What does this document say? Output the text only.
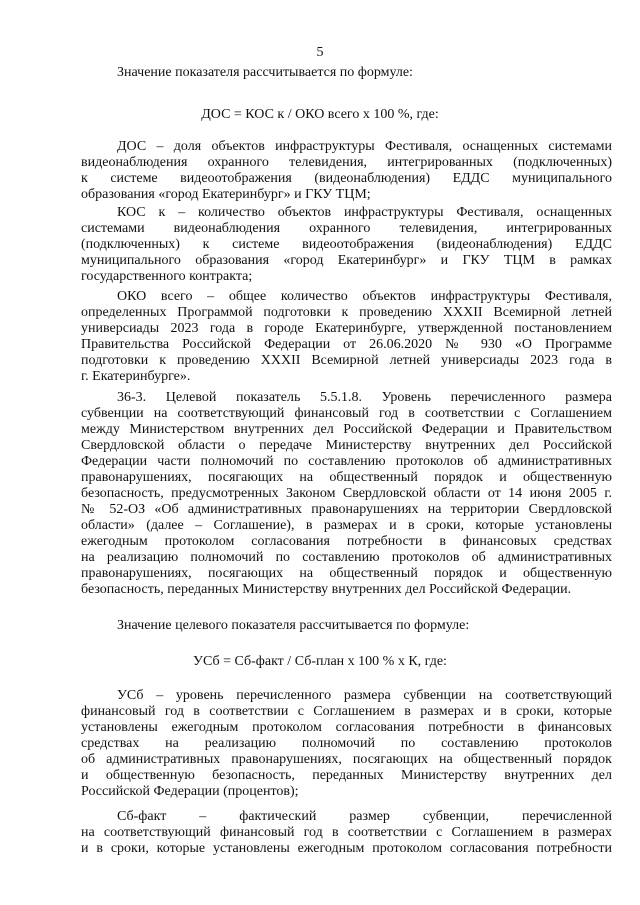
5
Значение показателя рассчитывается по формуле:
ДОС = КОС к / ОКО всего х 100 %, где:
ДОС – доля объектов инфраструктуры Фестиваля, оснащенных системами
видеонаблюдения охранного телевидения, интегрированных (подключенных)
к системе видеоотображения (видеонаблюдения) ЕДДС муниципального
образования «город Екатеринбург» и ГКУ ТЦМ;
КОС к – количество объектов инфраструктуры Фестиваля, оснащенных
системами видеонаблюдения охранного телевидения, интегрированных
(подключенных) к системе видеоотображения (видеонаблюдения) ЕДДС
муниципального образования «город Екатеринбург» и ГКУ ТЦМ в рамках
государственного контракта;
ОКО всего – общее количество объектов инфраструктуры Фестиваля,
определенных Программой подготовки к проведению XXXII Всемирной летней
универсиады 2023 года в городе Екатеринбурге, утвержденной постановлением
Правительства Российской Федерации от 26.06.2020 № 930 «О Программе
подготовки к проведению XXXII Всемирной летней универсиады 2023 года в
г. Екатеринбурге».
36-3. Целевой показатель 5.5.1.8. Уровень перечисленного размера
субвенции на соответствующий финансовый год в соответствии с Соглашением
между Министерством внутренних дел Российской Федерации и Правительством
Свердловской области о передаче Министерству внутренних дел Российской
Федерации части полномочий по составлению протоколов об административных
правонарушениях, посягающих на общественный порядок и общественную
безопасность, предусмотренных Законом Свердловской области от 14 июня 2005 г.
№ 52-ОЗ «Об административных правонарушениях на территории Свердловской
области» (далее – Соглашение), в размерах и в сроки, которые установлены
ежегодным протоколом согласования потребности в финансовых средствах
на реализацию полномочий по составлению протоколов об административных
правонарушениях, посягающих на общественный порядок и общественную
безопасность, переданных Министерству внутренних дел Российской Федерации.
Значение целевого показателя рассчитывается по формуле:
УСб = Сб-факт / Сб-план х 100 % х К, где:
УСб – уровень перечисленного размера субвенции на соответствующий
финансовый год в соответствии с Соглашением в размерах и в сроки, которые
установлены ежегодным протоколом согласования потребности в финансовых
средствах на реализацию полномочий по составлению протоколов
об административных правонарушениях, посягающих на общественный порядок
и общественную безопасность, переданных Министерству внутренних дел
Российской Федерации (процентов);
Сб-факт – фактический размер субвенции, перечисленной
на соответствующий финансовый год в соответствии с Соглашением в размерах
и в сроки, которые установлены ежегодным протоколом согласования потребности
